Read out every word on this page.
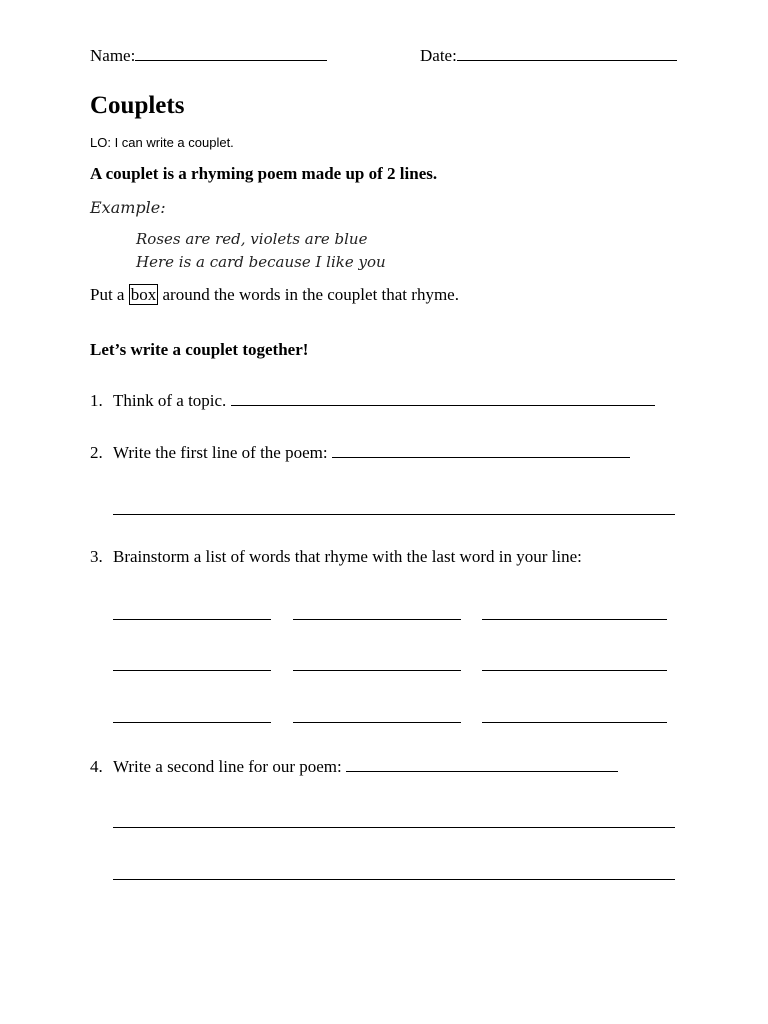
Name:	Date:
Couplets
LO: I can write a couplet.
A couplet is a rhyming poem made up of 2 lines.
Example:
Roses are red, violets are blue
Here is a card because I like you
Put a box around the words in the couplet that rhyme.
Let’s write a couplet together!
1. Think of a topic.
2. Write the first line of the poem:
3. Brainstorm a list of words that rhyme with the last word in your line:
4. Write a second line for our poem:
